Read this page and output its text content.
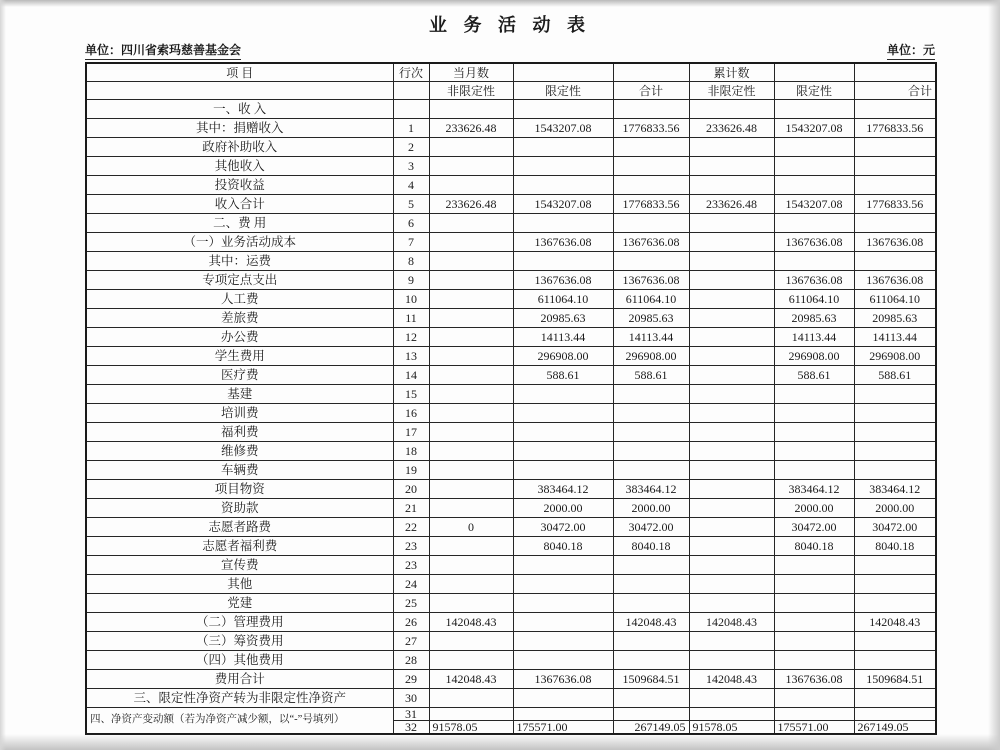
业 务 活 动 表
单位：四川省索玛慈善基金会	单位：元
项 目	行次	当月数			累计数		
		非限定性	限定性	合计	非限定性	限定性	合计
一、收 入							
其中：捐赠收入	1	233626.48	1543207.08	1776833.56	233626.48	1543207.08	1776833.56
政府补助收入	2						
其他收入	3						
投资收益	4						
收入合计	5	233626.48	1543207.08	1776833.56	233626.48	1543207.08	1776833.56
二、费 用	6						
（一）业务活动成本	7		1367636.08	1367636.08		1367636.08	1367636.08
其中：运费	8						
专项定点支出	9		1367636.08	1367636.08		1367636.08	1367636.08
人工费	10		611064.10	611064.10		611064.10	611064.10
差旅费	11		20985.63	20985.63		20985.63	20985.63
办公费	12		14113.44	14113.44		14113.44	14113.44
学生费用	13		296908.00	296908.00		296908.00	296908.00
医疗费	14		588.61	588.61		588.61	588.61
基建	15						
培训费	16						
福利费	17						
维修费	18						
车辆费	19						
项目物资	20		383464.12	383464.12		383464.12	383464.12
资助款	21		2000.00	2000.00		2000.00	2000.00
志愿者路费	22	0	30472.00	30472.00		30472.00	30472.00
志愿者福利费	23		8040.18	8040.18		8040.18	8040.18
宣传费	23						
其他	24						
党建	25						
（二）管理费用	26	142048.43		142048.43	142048.43		142048.43
（三）筹资费用	27						
（四）其他费用	28						
费用合计	29	142048.43	1367636.08	1509684.51	142048.43	1367636.08	1509684.51
三、限定性净资产转为非限定性净资产	30						
四、净资产变动额（若为净资产减少额，以“-”号填列）	31						
	32	91578.05	175571.00	267149.05	91578.05	175571.00	267149.05
